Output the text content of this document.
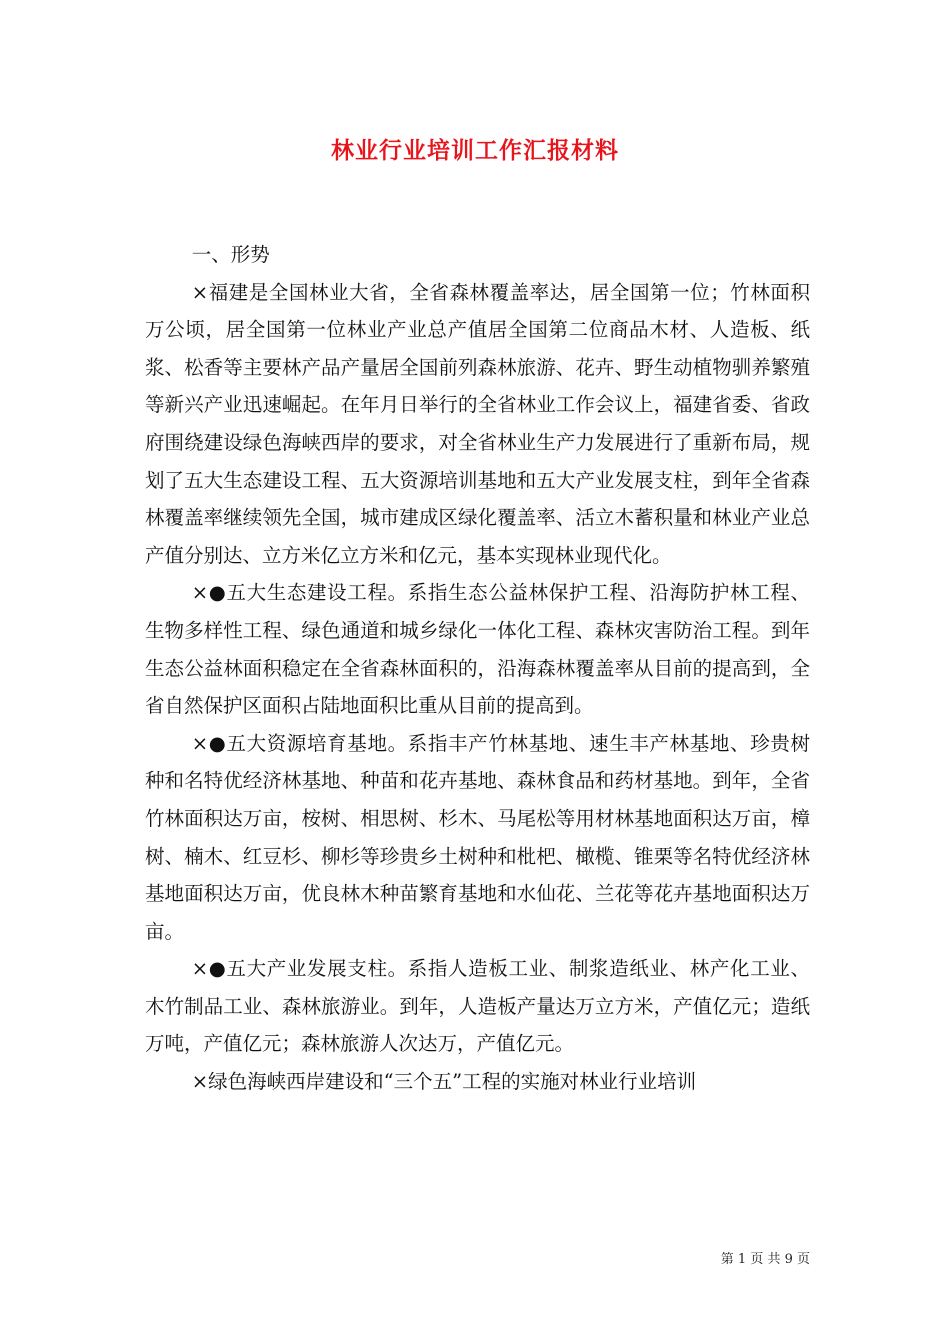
林业行业培训工作汇报材料

一、形势

×福建是全国林业大省，全省森林覆盖率达，居全国第一位；竹林面积万公顷，居全国第一位林业产业总产值居全国第二位商品木材、人造板、纸浆、松香等主要林产品产量居全国前列森林旅游、花卉、野生动植物驯养繁殖等新兴产业迅速崛起。在年月日举行的全省林业工作会议上，福建省委、省政府围绕建设绿色海峡西岸的要求，对全省林业生产力发展进行了重新布局，规划了五大生态建设工程、五大资源培训基地和五大产业发展支柱，到年全省森林覆盖率继续领先全国，城市建成区绿化覆盖率、活立木蓄积量和林业产业总产值分别达、立方米亿立方米和亿元，基本实现林业现代化。

×●五大生态建设工程。系指生态公益林保护工程、沿海防护林工程、生物多样性工程、绿色通道和城乡绿化一体化工程、森林灾害防治工程。到年生态公益林面积稳定在全省森林面积的，沿海森林覆盖率从目前的提高到，全省自然保护区面积占陆地面积比重从目前的提高到。

×●五大资源培育基地。系指丰产竹林基地、速生丰产林基地、珍贵树种和名特优经济林基地、种苗和花卉基地、森林食品和药材基地。到年，全省竹林面积达万亩，桉树、相思树、杉木、马尾松等用材林基地面积达万亩，樟树、楠木、红豆杉、柳杉等珍贵乡土树种和枇杷、橄榄、锥栗等名特优经济林基地面积达万亩，优良林木种苗繁育基地和水仙花、兰花等花卉基地面积达万亩。

×●五大产业发展支柱。系指人造板工业、制浆造纸业、林产化工业、木竹制品工业、森林旅游业。到年，人造板产量达万立方米，产值亿元；造纸万吨，产值亿元；森林旅游人次达万，产值亿元。

×绿色海峡西岸建设和“三个五”工程的实施对林业行业培训

第 1 页 共 9 页
